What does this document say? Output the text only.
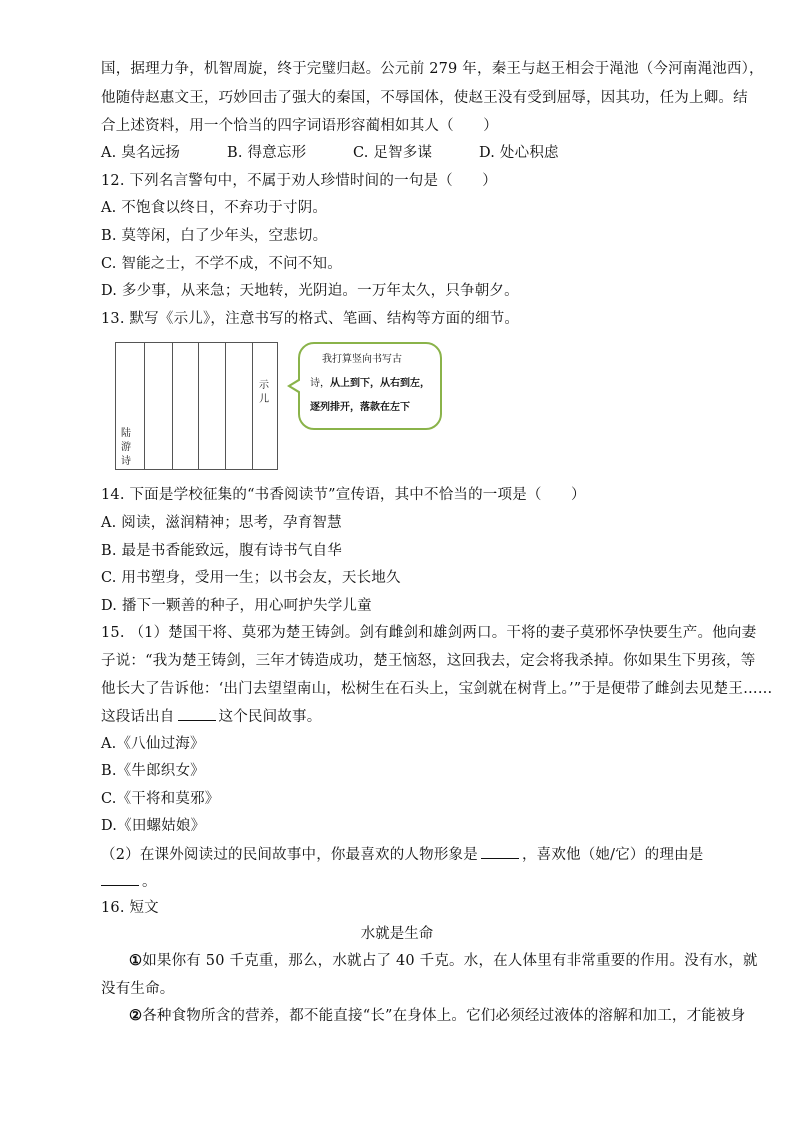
国，据理力争，机智周旋，终于完璧归赵。公元前 279 年，秦王与赵王相会于渑池（今河南渑池西），
他随侍赵惠文王，巧妙回击了强大的秦国，不辱国体，使赵王没有受到屈辱，因其功，任为上卿。结
合上述资料，用一个恰当的四字词语形容蔺相如其人（　　）
A. 臭名远扬	B. 得意忘形	C. 足智多谋	D. 处心积虑
12. 下列名言警句中，不属于劝人珍惜时间的一句是（　　）
A. 不饱食以终日，不弃功于寸阴。
B. 莫等闲，白了少年头，空悲切。
C. 智能之士，不学不成，不问不知。
D. 多少事，从来急；天地转，光阴迫。一万年太久，只争朝夕。
13. 默写《示儿》，注意书写的格式、笔画、结构等方面的细节。
示儿
陆游诗
我打算竖向书写古
诗，从上到下，从右到左，
逐列排开，落款在左下
14. 下面是学校征集的“书香阅读节”宣传语，其中不恰当的一项是（　　）
A. 阅读，滋润精神；思考，孕育智慧
B. 最是书香能致远，腹有诗书气自华
C. 用书塑身，受用一生；以书会友，天长地久
D. 播下一颗善的种子，用心呵护失学儿童
15. （1）楚国干将、莫邪为楚王铸剑。剑有雌剑和雄剑两口。干将的妻子莫邪怀孕快要生产。他向妻
子说：“我为楚王铸剑，三年才铸造成功，楚王恼怒，这回我去，定会将我杀掉。你如果生下男孩，等
他长大了告诉他：‘出门去望望南山，松树生在石头上，宝剑就在树背上。’”于是便带了雌剑去见楚王……
这段话出自	这个民间故事。
A.《八仙过海》
B.《牛郎织女》
C.《干将和莫邪》
D.《田螺姑娘》
（2）在课外阅读过的民间故事中，你最喜欢的人物形象是	，喜欢他（她/它）的理由是
。
16. 短文
水就是生命
①如果你有 50 千克重，那么，水就占了 40 千克。水，在人体里有非常重要的作用。没有水，就
没有生命。
②各种食物所含的营养，都不能直接“长”在身体上。它们必须经过液体的溶解和加工，才能被身
